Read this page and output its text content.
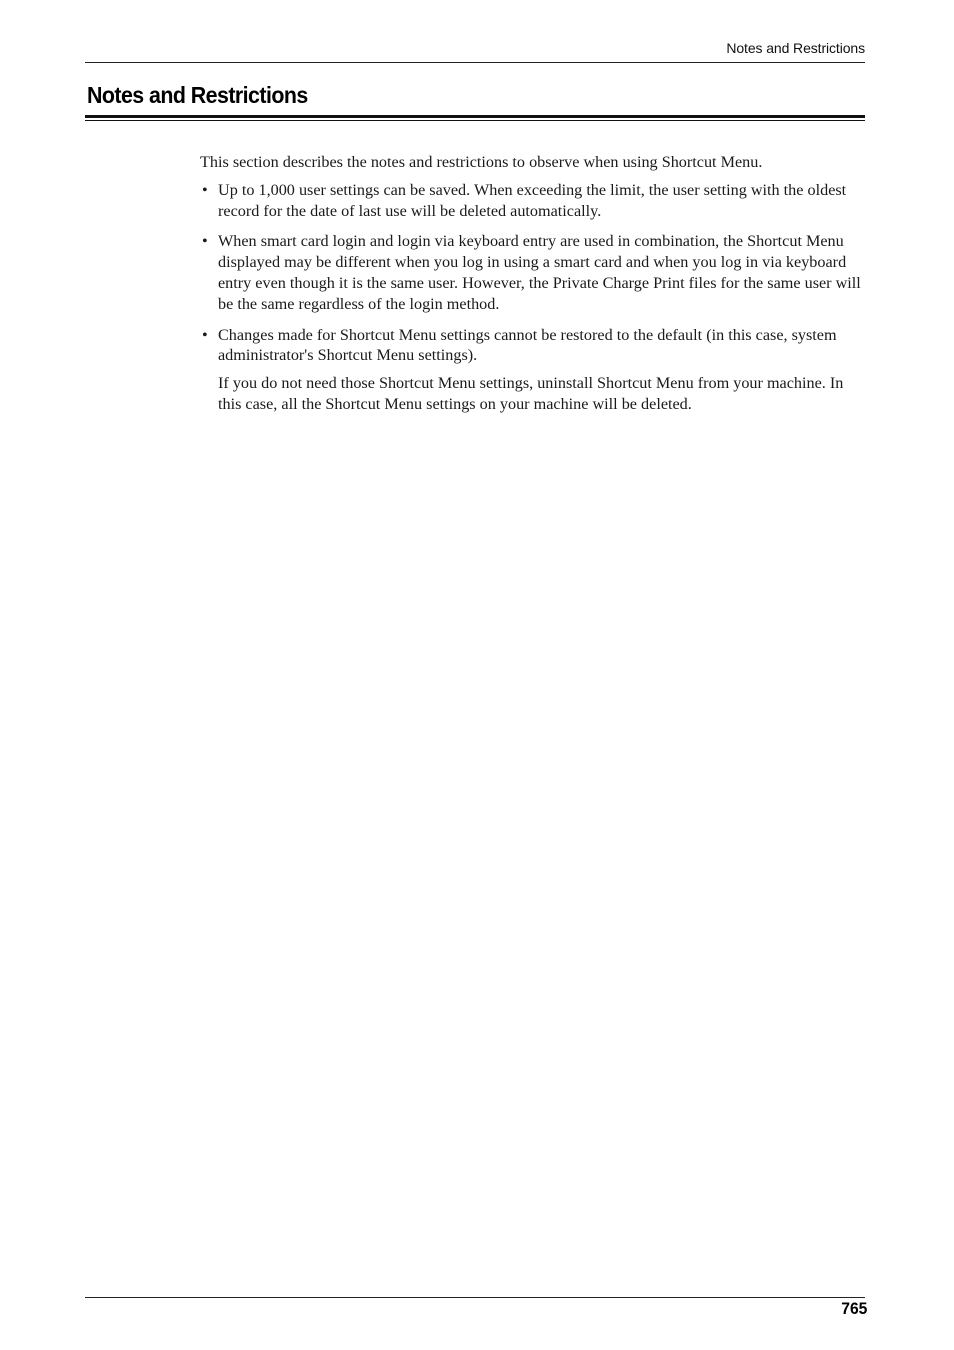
Notes and Restrictions
Notes and Restrictions

This section describes the notes and restrictions to observe when using Shortcut Menu.

• Up to 1,000 user settings can be saved. When exceeding the limit, the user setting with the oldest record for the date of last use will be deleted automatically.
• When smart card login and login via keyboard entry are used in combination, the Shortcut Menu displayed may be different when you log in using a smart card and when you log in via keyboard entry even though it is the same user. However, the Private Charge Print files for the same user will be the same regardless of the login method.
• Changes made for Shortcut Menu settings cannot be restored to the default (in this case, system administrator's Shortcut Menu settings).
If you do not need those Shortcut Menu settings, uninstall Shortcut Menu from your machine. In this case, all the Shortcut Menu settings on your machine will be deleted.
765
